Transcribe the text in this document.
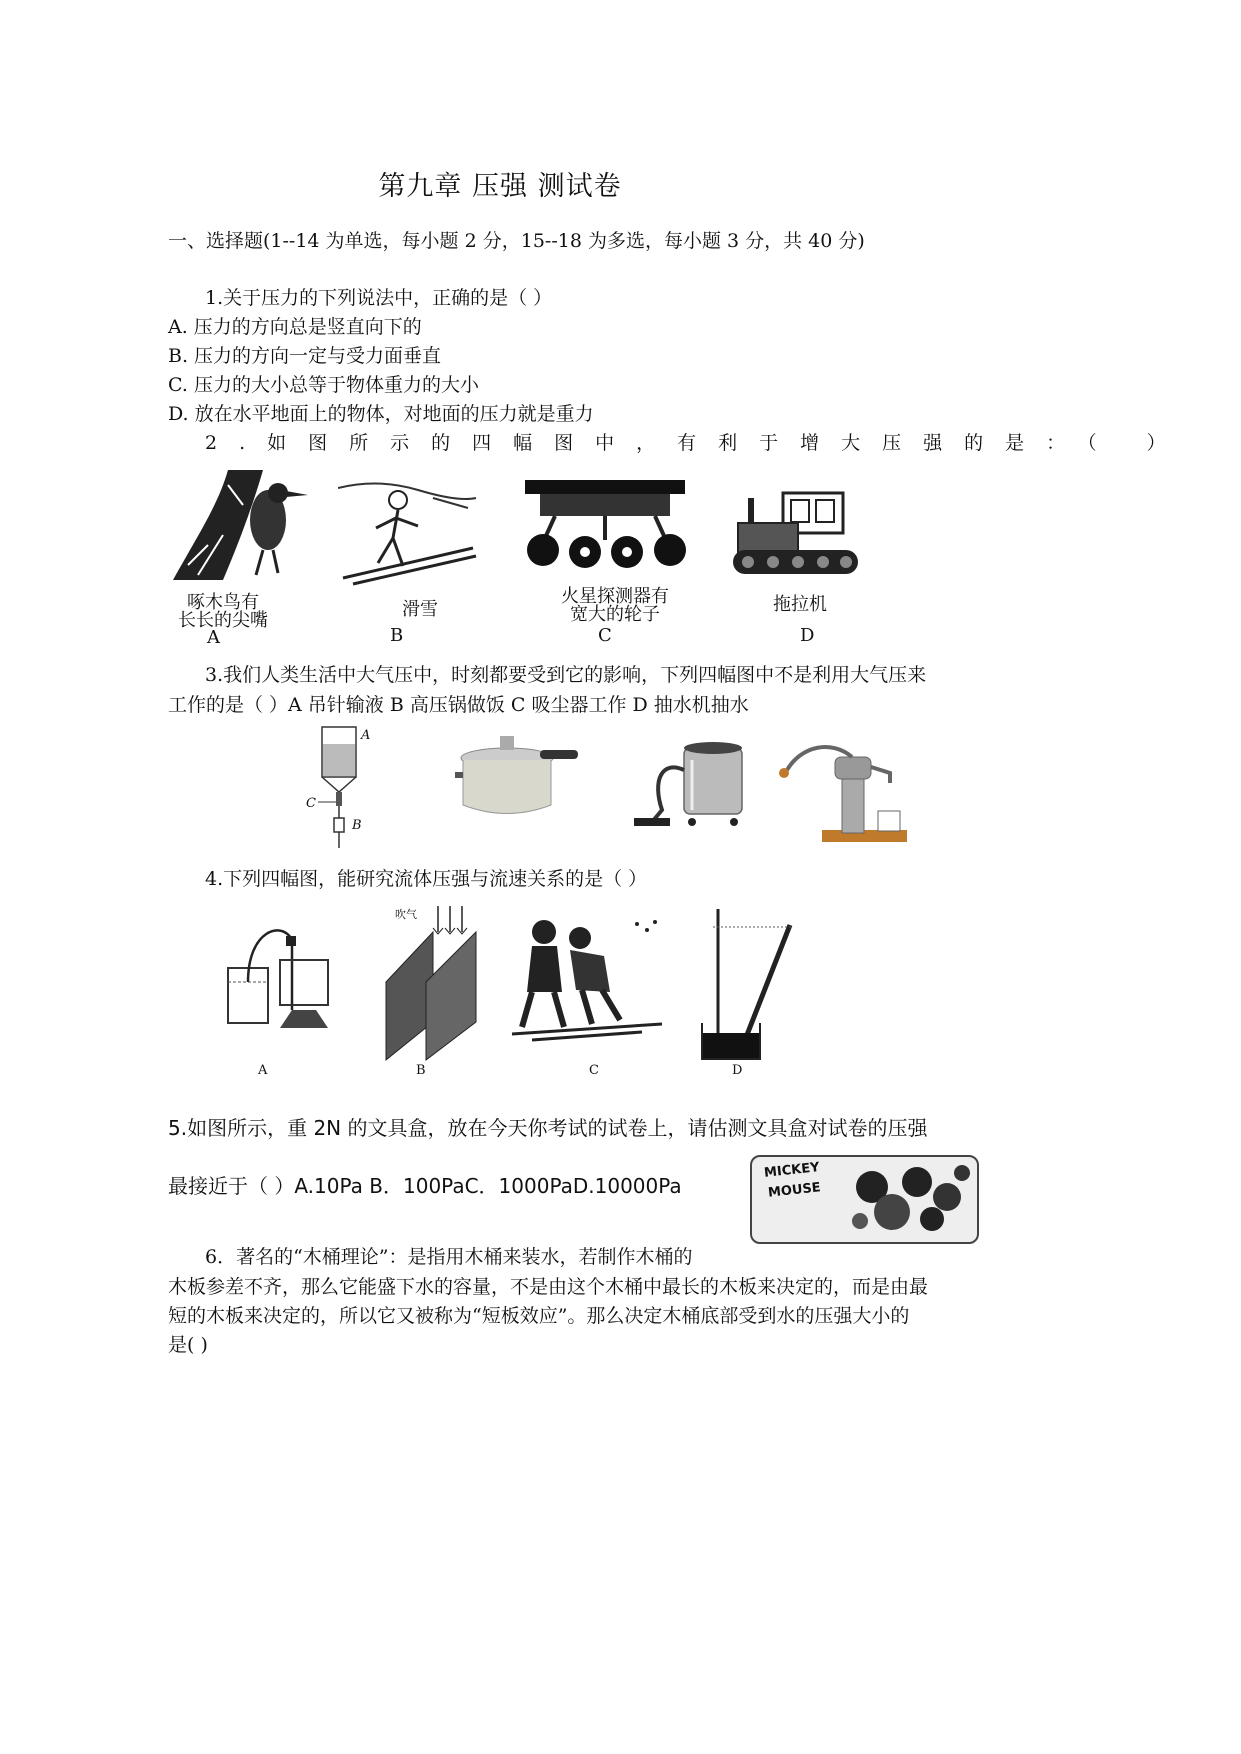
第九章 压强 测试卷
一、选择题(1--14 为单选，每小题 2 分，15--18 为多选，每小题 3 分，共 40 分)
1.关于压力的下列说法中，正确的是（ ）
A. 压力的方向总是竖直向下的
B. 压力的方向一定与受力面垂直
C. 压力的大小总等于物体重力的大小
D. 放在水平地面上的物体，对地面的压力就是重力
2.如图所示的四幅图中，有利于增大压强的是：（ ）
啄木鸟有
长长的尖嘴
A
滑雪
B
火星探测器有
宽大的轮子
C
拖拉机
D
3.我们人类生活中大气压中，时刻都要受到它的影响，下列四幅图中不是利用大气压来
工作的是（ ）A 吊针输液 B 高压锅做饭 C 吸尘器工作 D 抽水机抽水
A
C
B
4.下列四幅图，能研究流体压强与流速关系的是（ ）
A
吹气
B	C	D
5.如图所示，重 2N 的文具盒，放在今天你考试的试卷上，请估测文具盒对试卷的压强
最接近于（ ）A.10Pa B．100PaC．1000PaD.10000Pa
MICKEY
MOUSE
6．著名的“木桶理论”：是指用木桶来装水，若制作木桶的
木板参差不齐，那么它能盛下水的容量，不是由这个木桶中最长的木板来决定的，而是由最
短的木板来决定的，所以它又被称为“短板效应”。那么决定木桶底部受到水的压强大小的
是( )
